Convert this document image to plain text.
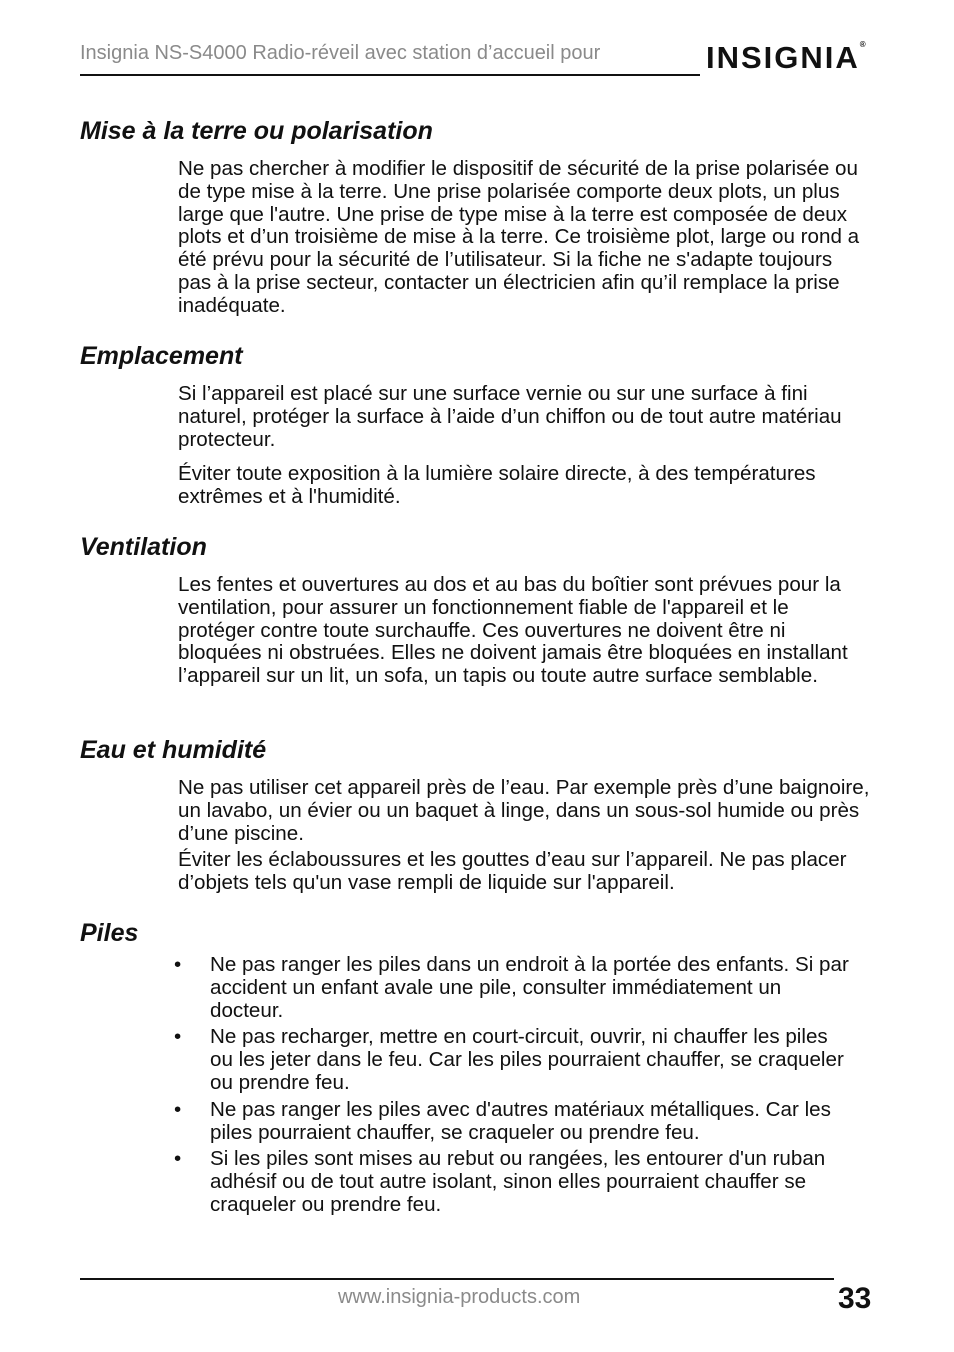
Insignia NS-S4000 Radio-réveil avec station d’accueil pour	INSIGNIA®
Mise à la terre ou polarisation

Ne pas chercher à modifier le dispositif de sécurité de la prise polarisée ou de type mise à la terre. Une prise polarisée comporte deux plots, un plus large que l'autre. Une prise de type mise à la terre est composée de deux plots et d’un troisième de mise à la terre. Ce troisième plot, large ou rond a été prévu pour la sécurité de l’utilisateur. Si la fiche ne s'adapte toujours pas à la prise secteur, contacter un électricien afin qu’il remplace la prise inadéquate.

Emplacement

Si l’appareil est placé sur une surface vernie ou sur une surface à fini naturel, protéger la surface à l’aide d’un chiffon ou de tout autre matériau protecteur.

Éviter toute exposition à la lumière solaire directe, à des températures extrêmes et à l'humidité.

Ventilation

Les fentes et ouvertures au dos et au bas du boîtier sont prévues pour la ventilation, pour assurer un fonctionnement fiable de l'appareil et le protéger contre toute surchauffe. Ces ouvertures ne doivent être ni bloquées ni obstruées. Elles ne doivent jamais être bloquées en installant l’appareil sur un lit, un sofa, un tapis ou toute autre surface semblable.

Eau et humidité

Ne pas utiliser cet appareil près de l’eau. Par exemple près d’une baignoire, un lavabo, un évier ou un baquet à linge, dans un sous-sol humide ou près d’une piscine.

Éviter les éclaboussures et les gouttes d’eau sur l’appareil. Ne pas placer d’objets tels qu'un vase rempli de liquide sur l'appareil.

Piles
• Ne pas ranger les piles dans un endroit à la portée des enfants. Si par accident un enfant avale une pile, consulter immédiatement un docteur.
• Ne pas recharger, mettre en court-circuit, ouvrir, ni chauffer les piles ou les jeter dans le feu. Car les piles pourraient chauffer, se craqueler ou prendre feu.
• Ne pas ranger les piles avec d'autres matériaux métalliques. Car les piles pourraient chauffer, se craqueler ou prendre feu.
• Si les piles sont mises au rebut ou rangées, les entourer d'un ruban adhésif ou de tout autre isolant, sinon elles pourraient chauffer se craqueler ou prendre feu.
www.insignia-products.com	33
